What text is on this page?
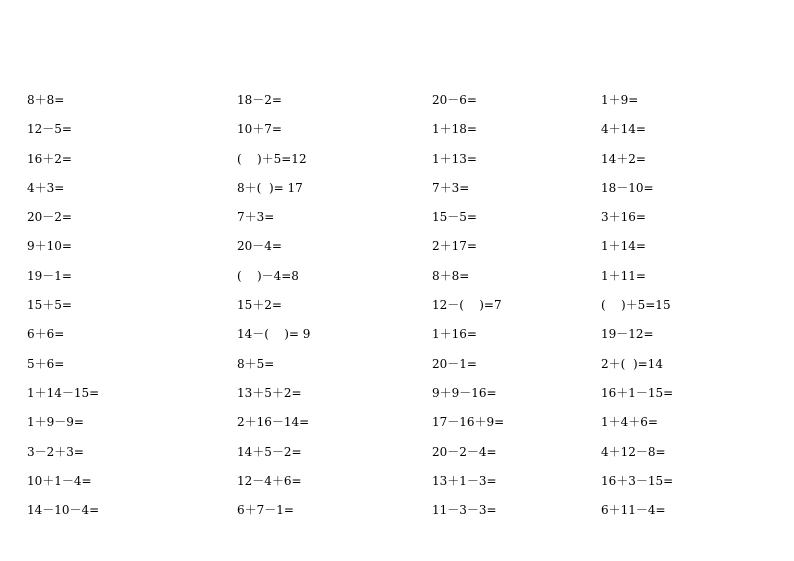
8＋8=
12－5=
16＋2=
4＋3=
20－2=
9＋10=
19－1=
15＋5=
6＋6=
5＋6=
1＋14－15=
1＋9－9=
3－2＋3=
10＋1－4=
14－10－4=
18－2=
10＋7=
(    )＋5=12
8＋(  )= 17
7＋3=
20－4=
(    )－4=8
15＋2=
14－(    )= 9
8＋5=
13＋5＋2=
2＋16－14=
14＋5－2=
12－4＋6=
6＋7－1=
20－6=
1＋18=
1＋13=
7＋3=
15－5=
2＋17=
8＋8=
12－(    )=7
1＋16=
20－1=
9＋9－16=
17－16＋9=
20－2－4=
13＋1－3=
11－3－3=
1＋9=
4＋14=
14＋2=
18－10=
3＋16=
1＋14=
1＋11=
(    )＋5=15
19－12=
2＋(  )=14
16＋1－15=
1＋4＋6=
4＋12－8=
16＋3－15=
6＋11－4=
